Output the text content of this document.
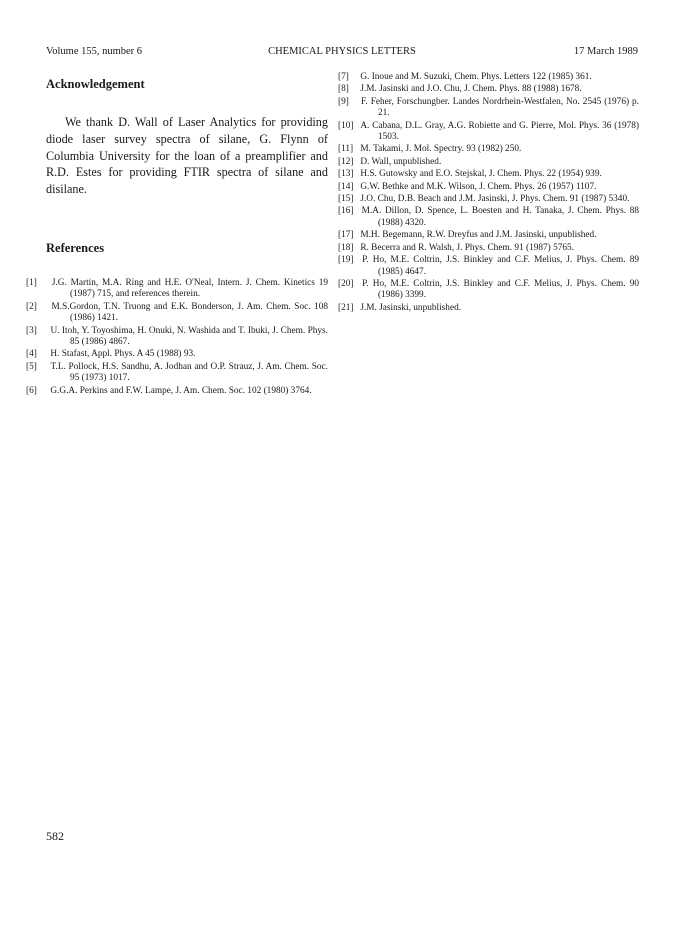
Volume 155, number 6	CHEMICAL PHYSICS LETTERS	17 March 1989
Acknowledgement

We thank D. Wall of Laser Analytics for providing diode laser survey spectra of silane, G. Flynn of Columbia University for the loan of a preamplifier and R.D. Estes for providing FTIR spectra of silane and disilane.

References

[1] J.G. Martin, M.A. Ring and H.E. O'Neal, Intern. J. Chem. Kinetics 19 (1987) 715, and references therein.

[2] M.S.Gordon, T.N. Truong and E.K. Bonderson, J. Am. Chem. Soc. 108 (1986) 1421.

[3] U. Itoh, Y. Toyoshima, H. Onuki, N. Washida and T. Ibuki, J. Chem. Phys. 85 (1986) 4867.

[4] H. Stafast, Appl. Phys. A 45 (1988) 93.

[5] T.L. Pollock, H.S. Sandhu, A. Jodhan and O.P. Strauz, J. Am. Chem. Soc. 95 (1973) 1017.

[6] G.G.A. Perkins and F.W. Lampe, J. Am. Chem. Soc. 102 (1980) 3764.

[7] G. Inoue and M. Suzuki, Chem. Phys. Letters 122 (1985) 361.

[8] J.M. Jasinski and J.O. Chu, J. Chem. Phys. 88 (1988) 1678.

[9] F. Feher, Forschungber. Landes Nordrhein-Westfalen, No. 2545 (1976) p. 21.

[10] A. Cabana, D.L. Gray, A.G. Robiette and G. Pierre, Mol. Phys. 36 (1978) 1503.

[11] M. Takami, J. Mol. Spectry. 93 (1982) 250.

[12] D. Wall, unpublished.

[13] H.S. Gutowsky and E.O. Stejskal, J. Chem. Phys. 22 (1954) 939.

[14] G.W. Bethke and M.K. Wilson, J. Chem. Phys. 26 (1957) 1107.

[15] J.O. Chu, D.B. Beach and J.M. Jasinski, J. Phys. Chem. 91 (1987) 5340.

[16] M.A. Dillon, D. Spence, L. Boesten and H. Tanaka, J. Chem. Phys. 88 (1988) 4320.

[17] M.H. Begemann, R.W. Dreyfus and J.M. Jasinski, unpublished.

[18] R. Becerra and R. Walsh, J. Phys. Chem. 91 (1987) 5765.

[19] P. Ho, M.E. Coltrin, J.S. Binkley and C.F. Melius, J. Phys. Chem. 89 (1985) 4647.

[20] P. Ho, M.E. Coltrin, J.S. Binkley and C.F. Melius, J. Phys. Chem. 90 (1986) 3399.

[21] J.M. Jasinski, unpublished.

582
